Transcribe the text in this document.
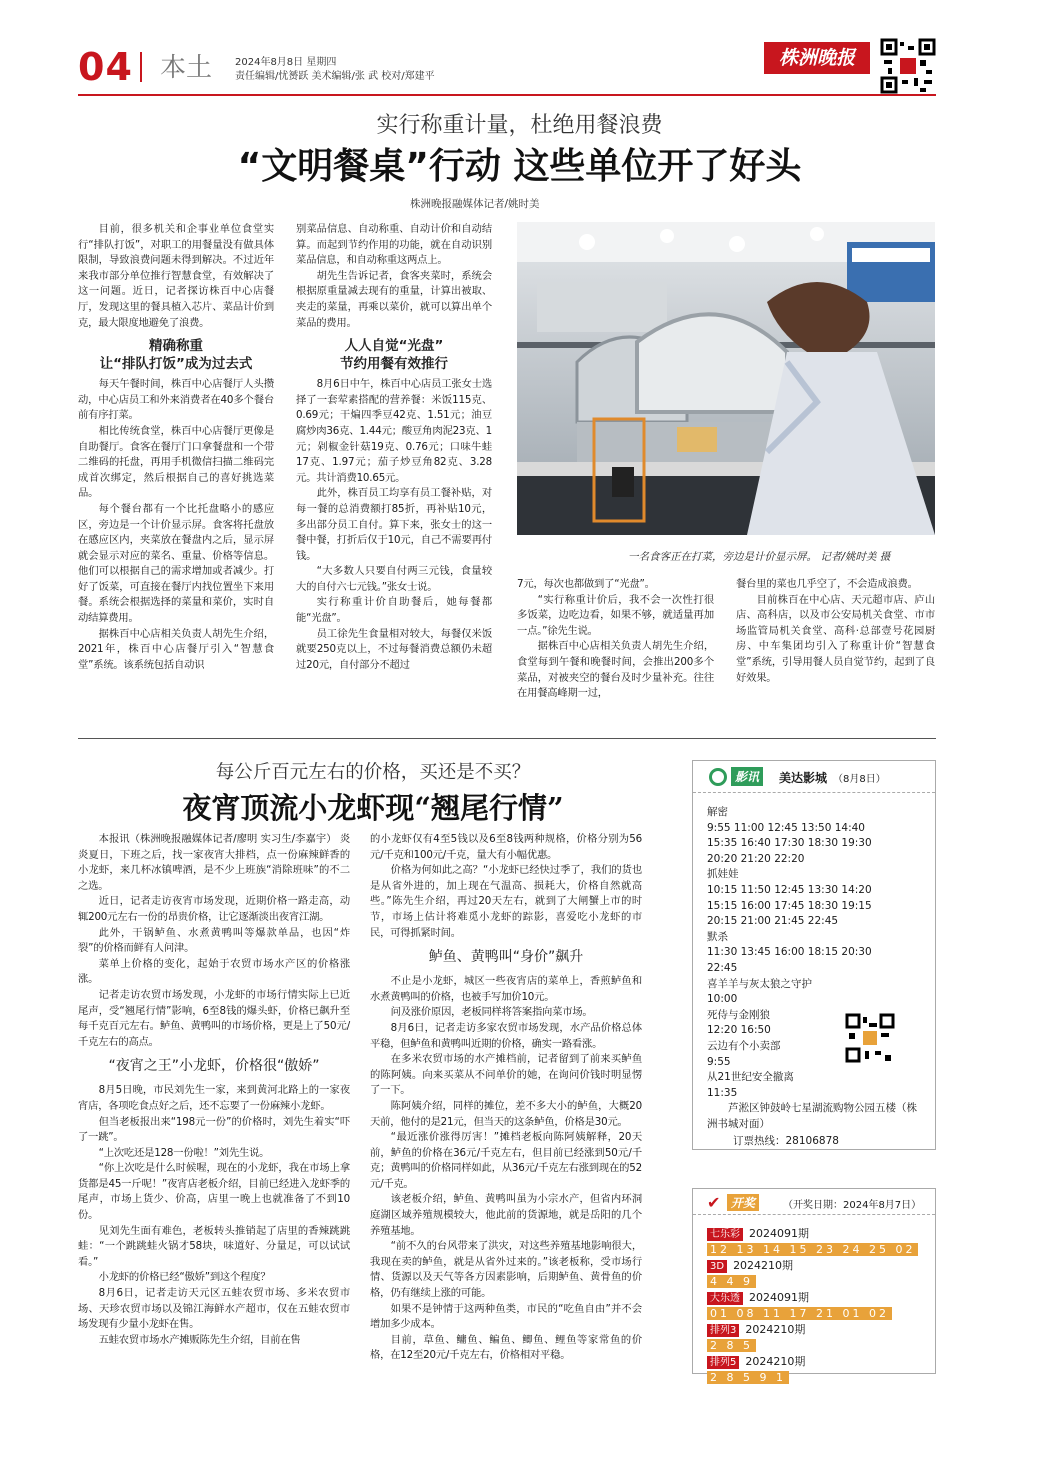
04 本土 2024年8月8日 星期四
责任编辑/忧赟跃 美术编辑/张 武 校对/郑建平
株洲晚报
实行称重计量，杜绝用餐浪费
“文明餐桌”行动 这些单位开了好头
株洲晚报融媒体记者/姚时美

目前，很多机关和企事业单位食堂实行“排队打饭”，对职工的用餐量没有做具体限制，导致浪费问题未得到解决。不过近年来我市部分单位推行智慧食堂，有效解决了这一问题。近日，记者探访株百中心店餐厅，发现这里的餐具植入芯片、菜品计价到克，最大限度地避免了浪费。

精确称重
让“排队打饭”成为过去式

每天午餐时间，株百中心店餐厅人头攒动，中心店员工和外来消费者在40多个餐台前有序打菜。

相比传统食堂，株百中心店餐厅更像是自助餐厅。食客在餐厅门口拿餐盘和一个带二维码的托盘，再用手机微信扫描二维码完成首次绑定，然后根据自己的喜好挑选菜品。

每个餐台都有一个比托盘略小的感应区，旁边是一个计价显示屏。食客将托盘放在感应区内，夹菜放在餐盘内之后，显示屏就会显示对应的菜名、重量、价格等信息。他们可以根据自己的需求增加或者减少。打好了饭菜，可直接在餐厅内找位置坐下来用餐。系统会根据选择的菜量和菜价，实时自动结算费用。

据株百中心店相关负责人胡先生介绍，2021年，株百中心店餐厅引入“智慧食堂”系统。该系统包括自动识

别菜品信息、自动称重、自动计价和自动结算。而起到节约作用的功能，就在自动识别菜品信息，和自动称重这两点上。

胡先生告诉记者，食客夹菜时，系统会根据原重量减去现有的重量，计算出被取、夹走的菜量，再乘以菜价，就可以算出单个菜品的费用。

人人自觉“光盘”
节约用餐有效推行

8月6日中午，株百中心店员工张女士选择了一套荤素搭配的营养餐：米饭115克、0.69元；干煸四季豆42克、1.51元；油豆腐炒肉36克、1.44元；酸豆角肉泥23克、1元；剁椒金针菇19克、0.76元；口味牛蛙17克、1.97元；茄子炒豆角82克、3.28元。共计消费10.65元。

此外，株百员工均享有员工餐补贴，对每一餐的总消费额打85折，再补贴10元，多出部分员工自付。算下来，张女士的这一餐中餐，打折后仅于10元，自己不需要再付钱。

“大多数人只要自付两三元钱，食量较大的自付六七元钱。”张女士说。

实行称重计价自助餐后，她每餐都能“光盘”。

员工徐先生食量相对较大，每餐仅米饭就要250克以上，不过每餐消费总额仍未超过20元，自付部分不超过

一名食客正在打菜，旁边是计价显示屏。 记者/姚时美 摄

7元，每次也都做到了“光盘”。

“实行称重计价后，我不会一次性打很多饭菜，边吃边看，如果不够，就适量再加一点。”徐先生说。

据株百中心店相关负责人胡先生介绍，食堂每到午餐和晚餐时间，会推出200多个菜品，对被夹空的餐台及时少量补充。往往在用餐高峰期一过，

餐台里的菜也几乎空了，不会造成浪费。

目前株百在中心店、天元超市店、庐山店、高科店，以及市公安局机关食堂、市市场监管局机关食堂、高科·总部壹号花园厨房、中车集团均引入了称重计价“智慧食堂”系统，引导用餐人员自觉节约，起到了良好效果。

每公斤百元左右的价格，买还是不买？
夜宵顶流小龙虾现“翘尾行情”

本报讯（株洲晚报融媒体记者/廖明 实习生/李嘉宇） 炎炎夏日，下班之后，找一家夜宵大排档，点一份麻辣鲜香的小龙虾，来几杯冰镇啤酒，是不少上班族“消除班味”的不二之选。

近日，记者走访夜宵市场发现，近期价格一路走高，动辄200元左右一份的昂贵价格，让它逐渐淡出夜宵江湖。

此外，干锅鲈鱼、水煮黄鸭叫等爆款单品，也因“炸裂”的价格而鲜有人问津。

菜单上价格的变化，起始于农贸市场水产区的价格涨涨。

记者走访农贸市场发现，小龙虾的市场行情实际上已近尾声，受“翘尾行情”影响，6至8钱的爆头虾，价格已飙升至每千克百元左右。鲈鱼、黄鸭叫的市场价格，更是上了50元/千克左右的高点。

“夜宵之王”小龙虾，价格很“傲娇”

8月5日晚，市民刘先生一家，来到黄河北路上的一家夜宵店，各项吃食点好之后，还不忘要了一份麻辣小龙虾。

但当老板报出来“198元一份”的价格时，刘先生着实“吓了一跳”。

“上次吃还是128一份啦！”刘先生说。

“你上次吃是什么时候喔，现在的小龙虾，我在市场上拿货都是45一斤呢！”夜宵店老板介绍，目前已经进入龙虾季的尾声，市场上货少、价高，店里一晚上也就准备了不到10份。

见刘先生面有难色，老板转头推销起了店里的香辣跳跳蛙：“一个跳跳蛙火锅才58块，味道好、分量足，可以试试看。”

小龙虾的价格已经“傲娇”到这个程度？

8月6日，记者走访天元区五蛙农贸市场、多米农贸市场、天珍农贸市场以及锦江海鲜水产超市，仅在五蛙农贸市场发现有少量小龙虾在售。

五蛙农贸市场水产摊贩陈先生介绍，目前在售

的小龙虾仅有4至5钱以及6至8钱两种规格，价格分别为56元/千克和100元/千克，量大有小幅优惠。

价格为何如此之高？“小龙虾已经快过季了，我们的货也是从省外进的，加上现在气温高、损耗大，价格自然就高些。”陈先生介绍，再过20天左右，就到了大闸蟹上市的时节，市场上估计将难觅小龙虾的踪影，喜爱吃小龙虾的市民，可得抓紧时间。

鲈鱼、黄鸭叫“身价”飙升

不止是小龙虾，城区一些夜宵店的菜单上，香煎鲈鱼和水煮黄鸭叫的价格，也被手写加价10元。

问及涨价原因，老板同样将答案指向菜市场。

8月6日，记者走访多家农贸市场发现，水产品价格总体平稳，但鲈鱼和黄鸭叫近期的价格，确实一路看涨。

在多米农贸市场的水产摊档前，记者留到了前来买鲈鱼的陈阿姨。向来买菜从不问单价的她，在询问价钱时明显愣了一下。

陈阿姨介绍，同样的摊位，差不多大小的鲈鱼，大概20天前，他付的是21元，但当天的这条鲈鱼，价格是30元。

“最近涨价涨得厉害！”摊档老板向陈阿姨解释，20天前，鲈鱼的价格在36元/千克左右，但目前已经涨到50元/千克；黄鸭叫的价格同样如此，从36元/千克左右涨到现在的52元/千克。

该老板介绍，鲈鱼、黄鸭叫虽为小宗水产，但省内环洞庭湖区域养殖规模较大，他此前的货源地，就是岳阳的几个养殖基地。

“前不久的台风带来了洪灾，对这些养殖基地影响很大，我现在卖的鲈鱼，就是从省外过来的。”该老板称，受市场行情、货源以及天气等各方因素影响，后期鲈鱼、黄骨鱼的价格，仍有继续上涨的可能。

如果不是钟情于这两种鱼类，市民的“吃鱼自由”并不会增加多少成本。

目前，草鱼、鳙鱼、鳊鱼、鲫鱼、鲤鱼等家常鱼的价格，在12至20元/千克左右，价格相对平稳。

影讯	美达影城 （8月8日）
解密
9:55 11:00 12:45 13:50 14:40
15:35 16:40 17:30 18:30 19:30
20:20 21:20 22:20
抓娃娃
10:15 11:50 12:45 13:30 14:20
15:15 16:00 17:45 18:30 19:15
20:15 21:00 21:45 22:45
默杀
11:30 13:45 16:00 18:15 20:30
22:45
喜羊羊与灰太狼之守护
10:00
死侍与金刚狼
12:20 16:50
云边有个小卖部
9:55
从21世纪安全撤离
11:35
芦淞区钟鼓岭七星湖流购物公园五楼（株洲书城对面）
订票热线：28106878
✔ 开奖	（开奖日期：2024年8月7日）
七乐彩 2024091期
12 13 14 15 23 24 25 02
3D 2024210期
4 4 9
大乐透 2024091期
01 08 11 17 21 01 02
排列3 2024210期
2 8 5
排列5 2024210期
2 8 5 9 1
